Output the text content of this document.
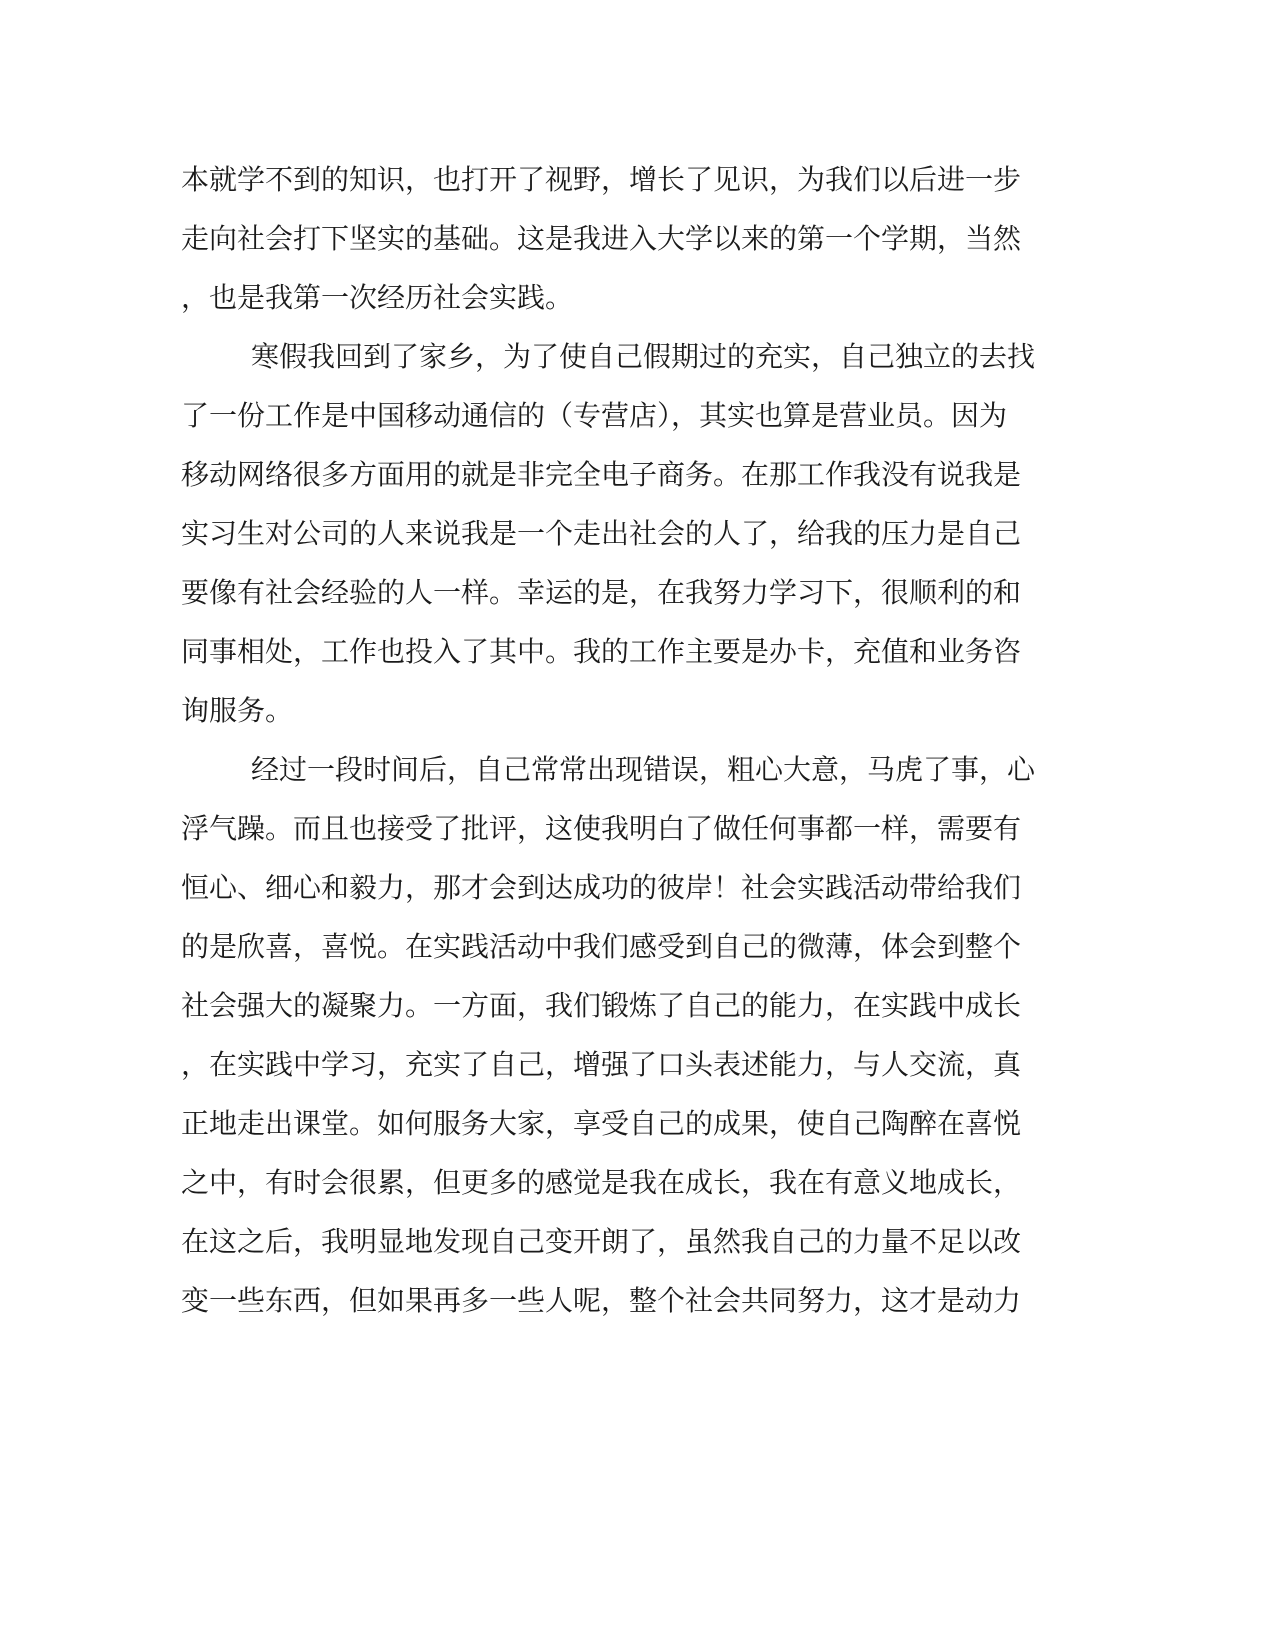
本就学不到的知识，也打开了视野，增长了见识，为我们以后进一步
走向社会打下坚实的基础。这是我进入大学以来的第一个学期，当然
，也是我第一次经历社会实践。
寒假我回到了家乡，为了使自己假期过的充实，自己独立的去找
了一份工作是中国移动通信的（专营店），其实也算是营业员。因为
移动网络很多方面用的就是非完全电子商务。在那工作我没有说我是
实习生对公司的人来说我是一个走出社会的人了，给我的压力是自己
要像有社会经验的人一样。幸运的是，在我努力学习下，很顺利的和
同事相处，工作也投入了其中。我的工作主要是办卡，充值和业务咨
询服务。
经过一段时间后，自己常常出现错误，粗心大意，马虎了事，心
浮气躁。而且也接受了批评，这使我明白了做任何事都一样，需要有
恒心、细心和毅力，那才会到达成功的彼岸！社会实践活动带给我们
的是欣喜，喜悦。在实践活动中我们感受到自己的微薄，体会到整个
社会强大的凝聚力。一方面，我们锻炼了自己的能力，在实践中成长
，在实践中学习，充实了自己，增强了口头表述能力，与人交流，真
正地走出课堂。如何服务大家，享受自己的成果，使自己陶醉在喜悦
之中，有时会很累，但更多的感觉是我在成长，我在有意义地成长，
在这之后，我明显地发现自己变开朗了，虽然我自己的力量不足以改
变一些东西，但如果再多一些人呢，整个社会共同努力，这才是动力
